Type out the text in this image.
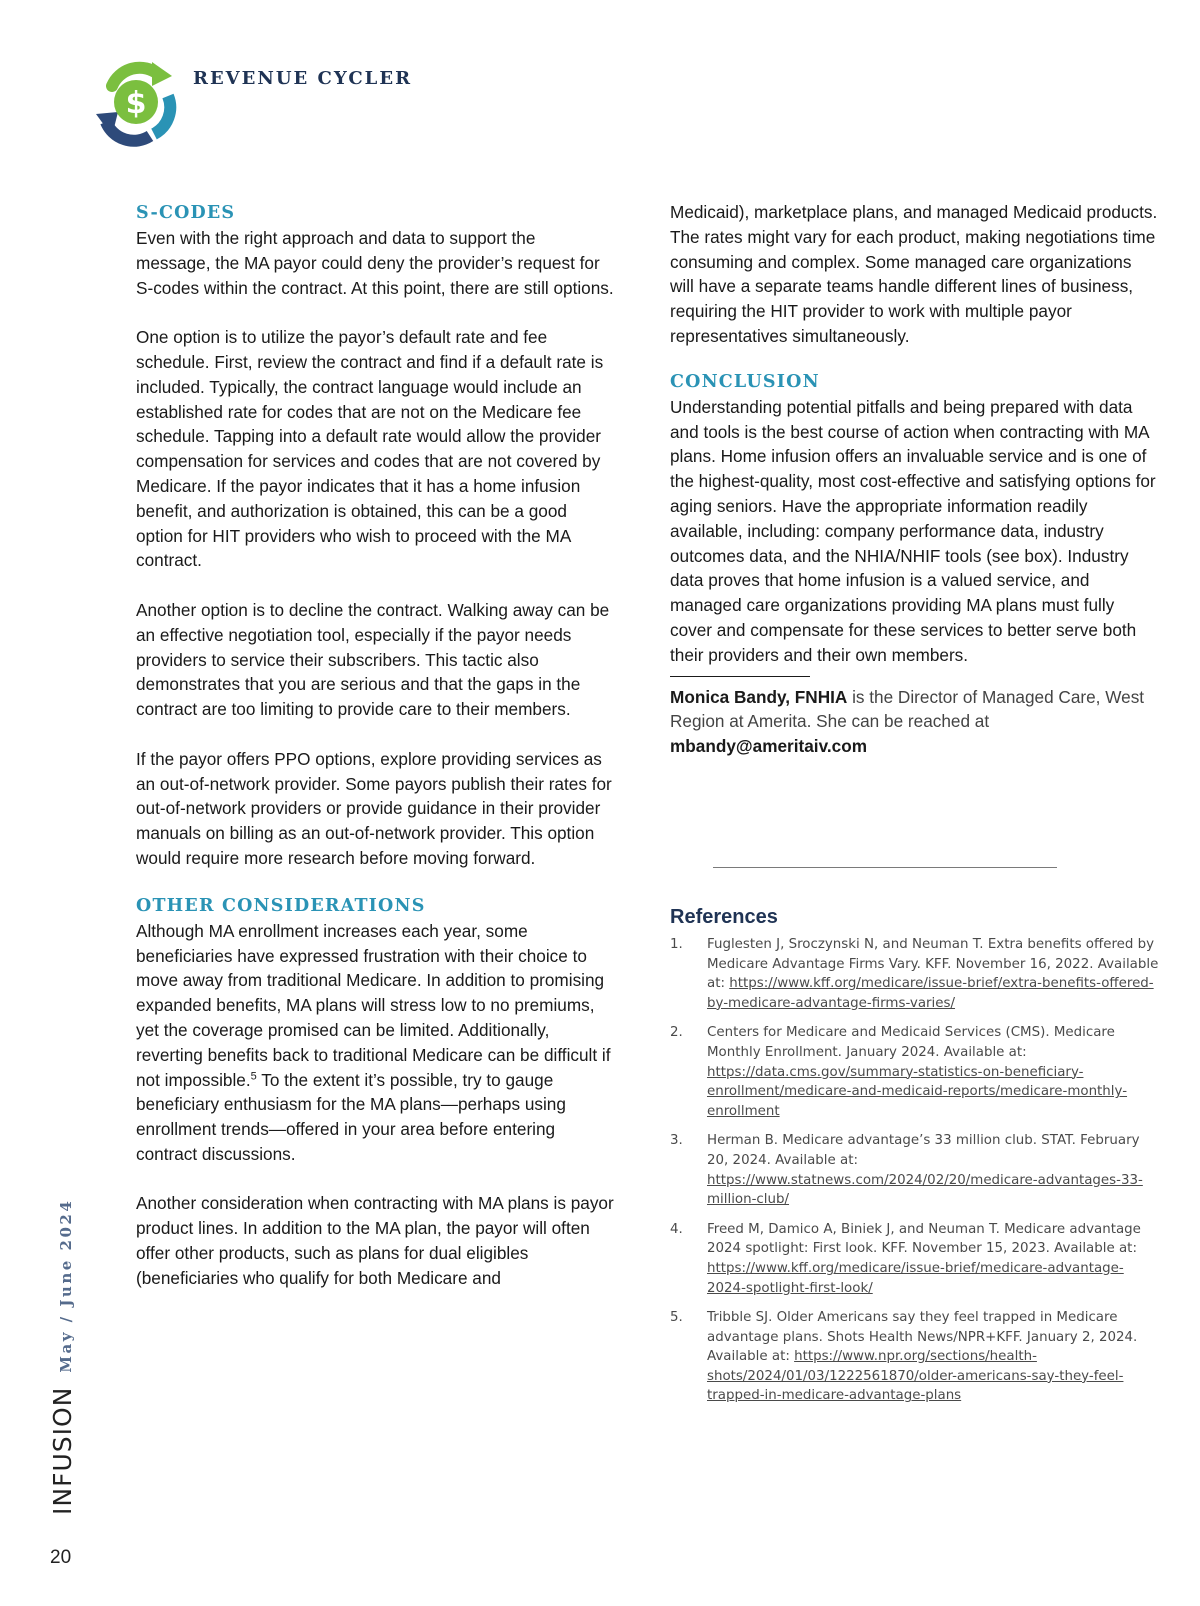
$
REVENUE CYCLER
S-CODES

Even with the right approach and data to support the message, the MA payor could deny the provider’s request for S-codes within the contract. At this point, there are still options.

One option is to utilize the payor’s default rate and fee schedule. First, review the contract and find if a default rate is included. Typically, the contract language would include an established rate for codes that are not on the Medicare fee schedule. Tapping into a default rate would allow the provider compensation for services and codes that are not covered by Medicare. If the payor indicates that it has a home infusion benefit, and authorization is obtained, this can be a good option for HIT providers who wish to proceed with the MA contract.

Another option is to decline the contract. Walking away can be an effective negotiation tool, especially if the payor needs providers to service their subscribers. This tactic also demonstrates that you are serious and that the gaps in the contract are too limiting to provide care to their members.

If the payor offers PPO options, explore providing services as an out-of-network provider. Some payors publish their rates for out-of-network providers or provide guidance in their provider manuals on billing as an out-of-network provider. This option would require more research before moving forward.

OTHER CONSIDERATIONS

Although MA enrollment increases each year, some beneficiaries have expressed frustration with their choice to move away from traditional Medicare. In addition to promising expanded benefits, MA plans will stress low to no premiums, yet the coverage promised can be limited. Additionally, reverting benefits back to traditional Medicare can be difficult if not impossible.$^5$ To the extent it’s possible, try to gauge beneficiary enthusiasm for the MA plans—perhaps using enrollment trends—offered in your area before entering contract discussions.

Another consideration when contracting with MA plans is payor product lines. In addition to the MA plan, the payor will often offer other products, such as plans for dual eligibles (beneficiaries who qualify for both Medicare and

Medicaid), marketplace plans, and managed Medicaid products. The rates might vary for each product, making negotiations time consuming and complex. Some managed care organizations will have a separate teams handle different lines of business, requiring the HIT provider to work with multiple payor representatives simultaneously.

CONCLUSION

Understanding potential pitfalls and being prepared with data and tools is the best course of action when contracting with MA plans. Home infusion offers an invaluable service and is one of the highest-quality, most cost-effective and satisfying options for aging seniors. Have the appropriate information readily available, including: company performance data, industry outcomes data, and the NHIA/NHIF tools (see box). Industry data proves that home infusion is a valued service, and managed care organizations providing MA plans must fully cover and compensate for these services to better serve both their providers and their own members.

Monica Bandy, FNHIA is the Director of Managed Care, West Region at Amerita. She can be reached at mbandy@ameritaiv.com

References
1. Fuglesten J, Sroczynski N, and Neuman T. Extra benefits offered by Medicare Advantage Firms Vary. KFF. November 16, 2022. Available at: https://www.kff.org/medicare/issue-brief/extra-benefits-offered-by-medicare-advantage-firms-varies/
2. Centers for Medicare and Medicaid Services (CMS). Medicare Monthly Enrollment. January 2024. Available at: https://data.cms.gov/summary-statistics-on-beneficiary-enrollment/medicare-and-medicaid-reports/medicare-monthly-enrollment
3. Herman B. Medicare advantage’s 33 million club. STAT. February 20, 2024. Available at: https://www.statnews.com/2024/02/20/medicare-advantages-33-million-club/
4. Freed M, Damico A, Biniek J, and Neuman T. Medicare advantage 2024 spotlight: First look. KFF. November 15, 2023. Available at: https://www.kff.org/medicare/issue-brief/medicare-advantage-2024-spotlight-first-look/
5. Tribble SJ. Older Americans say they feel trapped in Medicare advantage plans. Shots Health News/NPR+KFF. January 2, 2024. Available at: https://www.npr.org/sections/health-shots/2024/01/03/1222561870/older-americans-say-they-feel-trapped-in-medicare-advantage-plans
INFUSION
May / June 2024
20
